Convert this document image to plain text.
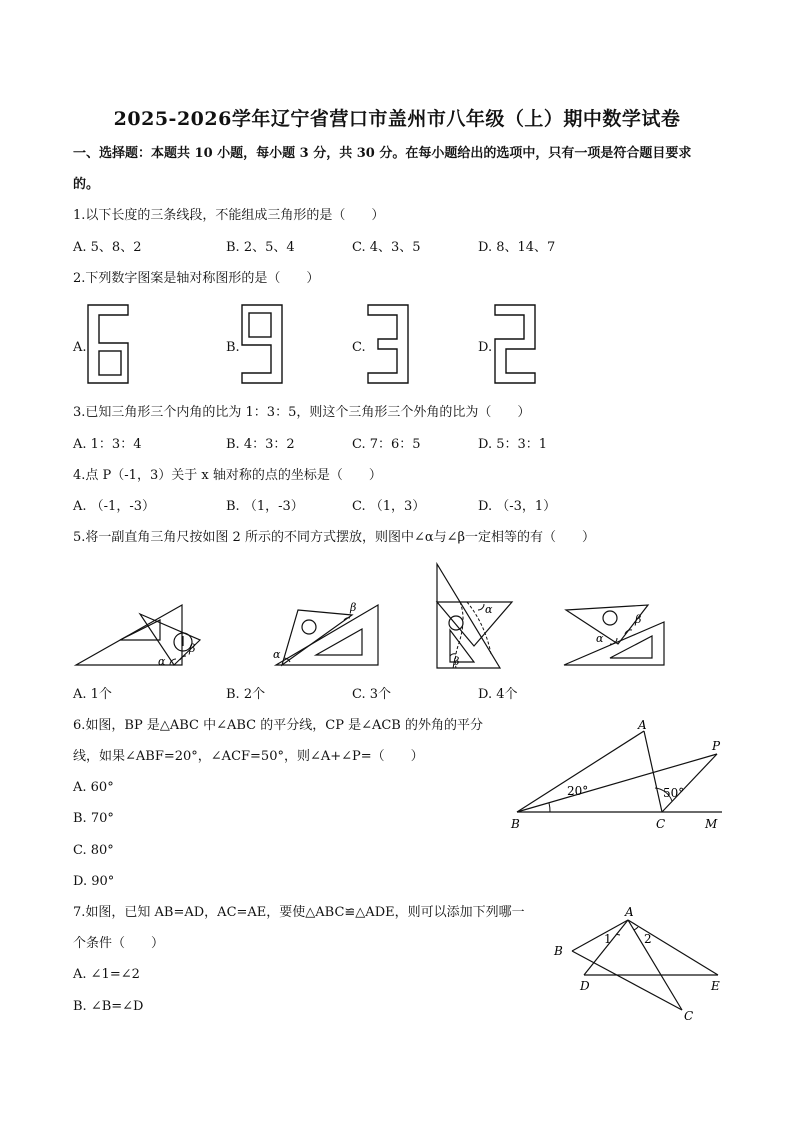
2025-2026学年辽宁省营口市盖州市八年级（上）期中数学试卷
一、选择题：本题共 10 小题，每小题 3 分，共 30 分。在每小题给出的选项中，只有一项是符合题目要求
的。
1.以下长度的三条线段，不能组成三角形的是（　　）
A. 5、8、2	B. 2、5、4	C. 4、3、5	D. 8、14、7
2.下列数字图案是轴对称图形的是（　　）
A.	B.	C.	D.
3.已知三角形三个内角的比为 1：3：5，则这个三角形三个外角的比为（　　）
A. 1：3：4	B. 4：3：2	C. 7：6：5	D. 5：3：1
4.点 P（-1，3）关于 x 轴对称的点的坐标是（　　）
A. （-1，-3）	B. （1，-3）	C. （1，3）	D. （-3，1）
5.将一副直角三角尺按如图 2 所示的不同方式摆放，则图中∠α与∠β一定相等的有（　　）
α
β	α
β	α
β
α
β
A. 1个	B. 2个	C. 3个	D. 4个
6.如图，BP 是△ABC 中∠ABC 的平分线，CP 是∠ACB 的外角的平分
线，如果∠ABF=20°，∠ACF=50°，则∠A+∠P=（　　）
A. 60°
B. 70°
C. 80°
D. 90°
20°	50°
A
B	C	M
P
7.如图，已知 AB=AD，AC=AE，要使△ABC≌△ADE，则可以添加下列哪一
个条件（　　）
A. ∠1=∠2
B. ∠B=∠D
A
B
D	E
C
1	2
